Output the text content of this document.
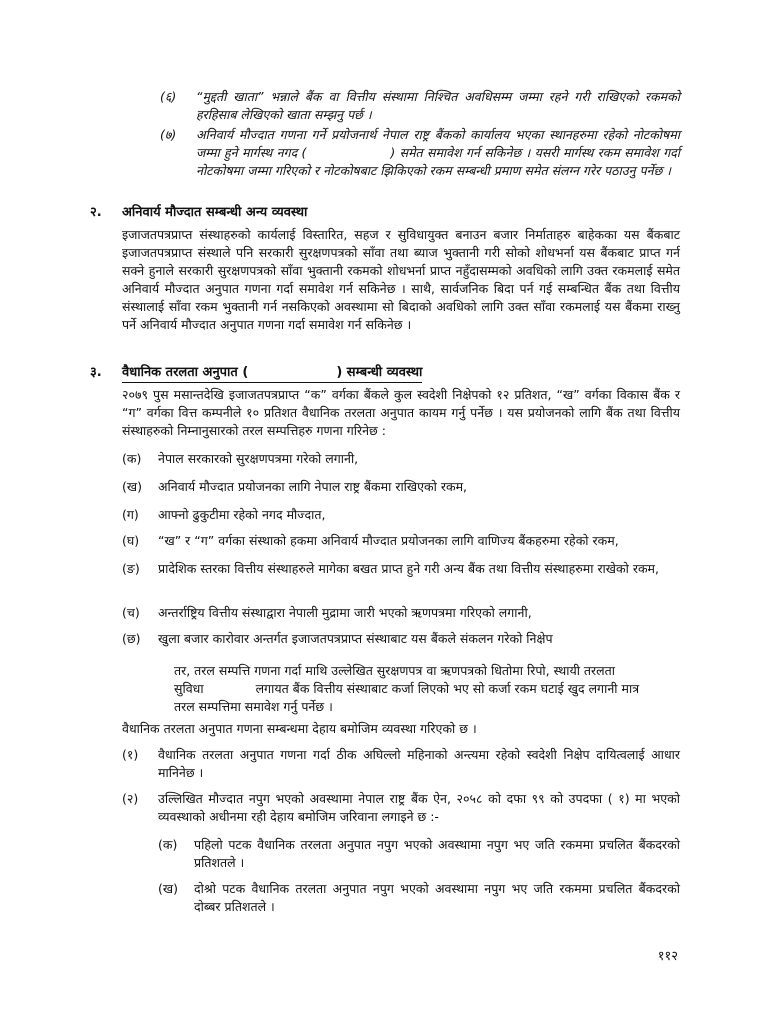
(६) “मुद्दती खाता” भन्नाले बैंक वा वित्तीय संस्थामा निश्चित अवधिसम्म जम्मा रहने गरी राखिएको रकमको हरहिसाब लेखिएको खाता सम्झनु पर्छ ।
(७) अनिवार्य मौज्दात गणना गर्ने प्रयोजनार्थ नेपाल राष्ट्र बैंकको कार्यालय भएका स्थानहरुमा रहेको नोटकोषमा जम्मा हुने मार्गस्थ नगद (	) समेत समावेश गर्न सकिनेछ । यसरी मार्गस्थ रकम समावेश गर्दा नोटकोषमा जम्मा गरिएको र नोटकोषबाट झिकिएको रकम सम्बन्धी प्रमाण समेत संलग्न गरेर पठाउनु पर्नेछ ।
२. अनिवार्य मौज्दात सम्बन्धी अन्य व्यवस्था
इजाजतपत्रप्राप्त संस्थाहरुको कार्यलाई विस्तारित, सहज र सुविधायुक्त बनाउन बजार निर्माताहरु बाहेकका यस बैंकबाट इजाजतपत्रप्राप्त संस्थाले पनि सरकारी सुरक्षणपत्रको साँवा तथा ब्याज भुक्तानी गरी सोको शोधभर्ना यस बैंकबाट प्राप्त गर्न सक्ने हुनाले सरकारी सुरक्षणपत्रको साँवा भुक्तानी रकमको शोधभर्ना प्राप्त नहुँदासम्मको अवधिको लागि उक्त रकमलाई समेत अनिवार्य मौज्दात अनुपात गणना गर्दा समावेश गर्न सकिनेछ । साथै, सार्वजनिक बिदा पर्न गई सम्बन्धित बैंक तथा वित्तीय संस्थालाई साँवा रकम भुक्तानी गर्न नसकिएको अवस्थामा सो बिदाको अवधिको लागि उक्त साँवा रकमलाई यस बैंकमा राख्नु पर्ने अनिवार्य मौज्दात अनुपात गणना गर्दा समावेश गर्न सकिनेछ ।
३. वैधानिक तरलता अनुपात (	) सम्बन्धी व्यवस्था
२०७९ पुस मसान्तदेखि इजाजतपत्रप्राप्त “क” वर्गका बैंकले कुल स्वदेशी निक्षेपको १२ प्रतिशत, “ख” वर्गका विकास बैंक र “ग” वर्गका वित्त कम्पनीले १० प्रतिशत वैधानिक तरलता अनुपात कायम गर्नु पर्नेछ । यस प्रयोजनको लागि बैंक तथा वित्तीय संस्थाहरुको निम्नानुसारको तरल सम्पत्तिहरु गणना गरिनेछ :
(क) नेपाल सरकारको सुरक्षणपत्रमा गरेको लगानी,
(ख) अनिवार्य मौज्दात प्रयोजनका लागि नेपाल राष्ट्र बैंकमा राखिएको रकम,
(ग) आफ्नो ढुकुटीमा रहेको नगद मौज्दात,
(घ) “ख” र “ग” वर्गका संस्थाको हकमा अनिवार्य मौज्दात प्रयोजनका लागि वाणिज्य बैंकहरुमा रहेको रकम,
(ङ) प्रादेशिक स्तरका वित्तीय संस्थाहरुले मागेका बखत प्राप्त हुने गरी अन्य बैंक तथा वित्तीय संस्थाहरुमा राखेको रकम,
(च) अन्तर्राष्ट्रिय वित्तीय संस्थाद्वारा नेपाली मुद्रामा जारी भएको ऋणपत्रमा गरिएको लगानी,
(छ) खुला बजार कारोवार अन्तर्गत इजाजतपत्रप्राप्त संस्थाबाट यस बैंकले संकलन गरेको निक्षेप
तर, तरल सम्पत्ति गणना गर्दा माथि उल्लेखित सुरक्षणपत्र वा ऋणपत्रको धितोमा रिपो, स्थायी तरलता
सुविधा	लगायत बैंक वित्तीय संस्थाबाट कर्जा लिएको भए सो कर्जा रकम घटाई खुद लगानी मात्र
तरल सम्पत्तिमा समावेश गर्नु पर्नेछ ।
वैधानिक तरलता अनुपात गणना सम्बन्धमा देहाय बमोजिम व्यवस्था गरिएको छ ।
(१) वैधानिक तरलता अनुपात गणना गर्दा ठीक अघिल्लो महिनाको अन्त्यमा रहेको स्वदेशी निक्षेप दायित्वलाई आधार मानिनेछ ।
(२) उल्लिखित मौज्दात नपुग भएको अवस्थामा नेपाल राष्ट्र बैंक ऐन, २०५८ को दफा ९९ को उपदफा ( १) मा भएको व्यवस्थाको अधीनमा रही देहाय बमोजिम जरिवाना लगाइने छ :-
(क) पहिलो पटक वैधानिक तरलता अनुपात नपुग भएको अवस्थामा नपुग भए जति रकममा प्रचलित बैंकदरको प्रतिशतले ।
(ख) दोश्रो पटक वैधानिक तरलता अनुपात नपुग भएको अवस्थामा नपुग भए जति रकममा प्रचलित बैंकदरको दोब्बर प्रतिशतले ।
११२
